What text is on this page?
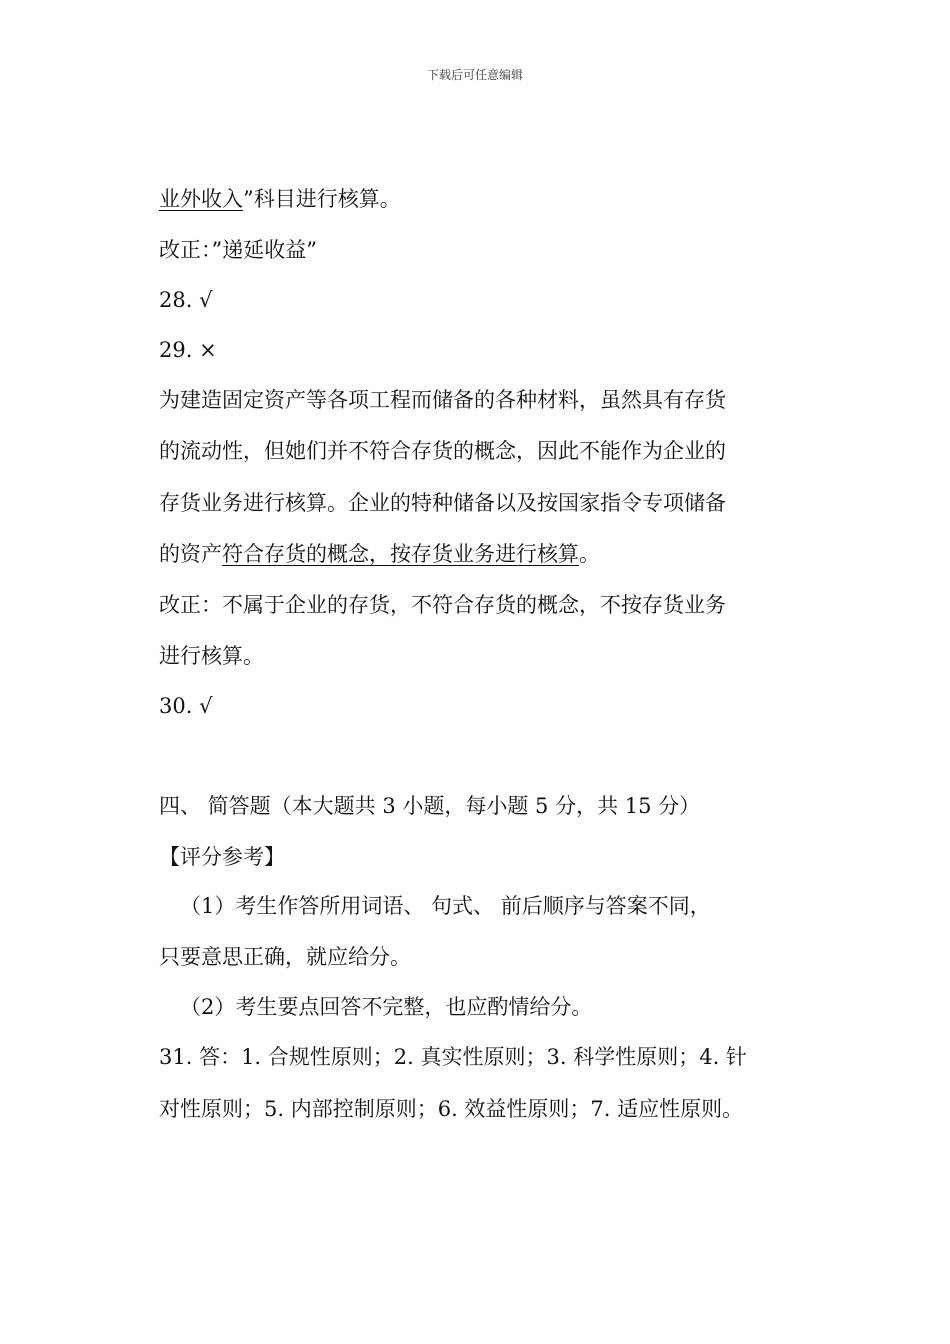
下载后可任意编辑
业外收入”科目进行核算。
改正：”递延收益”
28. √
29. ×
为建造固定资产等各项工程而储备的各种材料，虽然具有存货
的流动性，但她们并不符合存货的概念，因此不能作为企业的
存货业务进行核算。企业的特种储备以及按国家指令专项储备
的资产符合存货的概念，按存货业务进行核算。
改正：不属于企业的存货，不符合存货的概念，不按存货业务
进行核算。
30. √
四、 简答题（本大题共 3 小题，每小题 5 分，共 15 分）
【评分参考】
（1）考生作答所用词语、 句式、 前后顺序与答案不同，
只要意思正确，就应给分。
（2）考生要点回答不完整，也应酌情给分。
31. 答：1. 合规性原则；2. 真实性原则；3. 科学性原则；4. 针
对性原则；5. 内部控制原则；6. 效益性原则；7. 适应性原则。
